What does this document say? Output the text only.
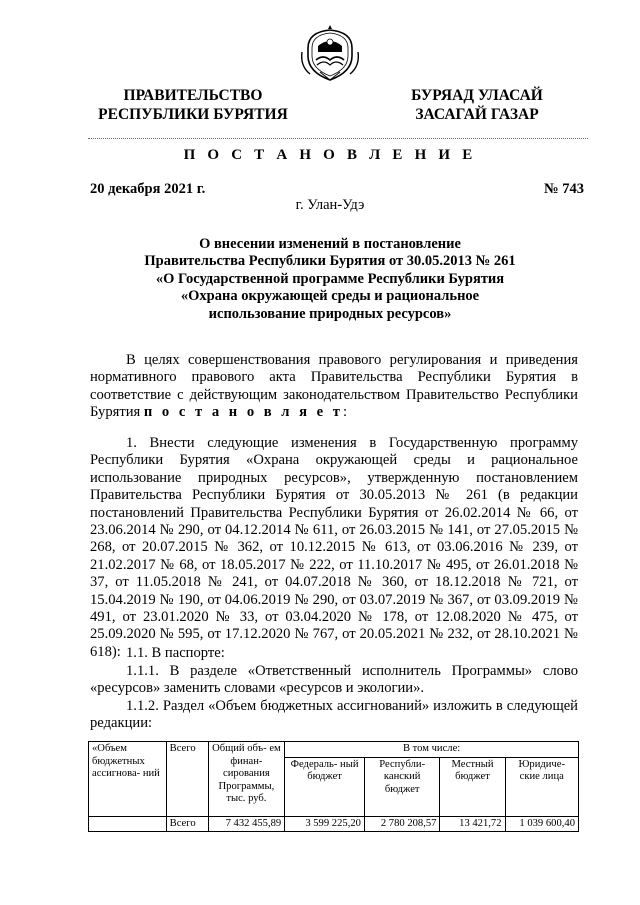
ПРАВИТЕЛЬСТВО
РЕСПУБЛИКИ БУРЯТИЯ
БУРЯАД УЛАСАЙ
ЗАСАГАЙ ГАЗАР
П О С Т А Н О В Л Е Н И Е
20 декабря 2021 г.	№ 743
г. Улан-Удэ
О внесении изменений в постановление
Правительства Республики Бурятия от 30.05.2013 № 261
«О Государственной программе Республики Бурятия
«Охрана окружающей среды и рациональное
использование природных ресурсов»

В целях совершенствования правового регулирования и приведения нормативного правового акта Правительства Республики Бурятия в соответствие с действующим законодательством Правительство Республики Бурятия п о с т а н о в л я е т:

1. Внести следующие изменения в Государственную программу Республики Бурятия «Охрана окружающей среды и рациональное использование природных ресурсов», утвержденную постановлением Правительства Республики Бурятия от 30.05.2013 № 261 (в редакции постановлений Правительства Республики Бурятия от 26.02.2014 № 66, от 23.06.2014 № 290, от 04.12.2014 № 611, от 26.03.2015 № 141, от 27.05.2015 № 268, от 20.07.2015 № 362, от 10.12.2015 № 613, от 03.06.2016 № 239, от 21.02.2017 № 68, от 18.05.2017 № 222, от 11.10.2017 № 495, от 26.01.2018 № 37, от 11.05.2018 № 241, от 04.07.2018 № 360, от 18.12.2018 № 721, от 15.04.2019 № 190, от 04.06.2019 № 290, от 03.07.2019 № 367, от 03.09.2019 № 491, от 23.01.2020 № 33, от 03.04.2020 № 178, от 12.08.2020 № 475, от 25.09.2020 № 595, от 17.12.2020 № 767, от 20.05.2021 № 232, от 28.10.2021 № 618): 1.1. В паспорте:

1.1.1. В разделе «Ответственный исполнитель Программы» слово «ресурсов» заменить словами «ресурсов и экологии».

1.1.2. Раздел «Объем бюджетных ассигнований» изложить в следующей редакции:

«Объем бюджетных ассигнова- ний	Всего	Общий объ- ем финан- сирования Программы, тыс. руб.	В том числе:			
			Федераль- ный бюджет	Республи- канский бюджет	Местный бюджет	Юридиче- ские лица
	Всего	7 432 455,89	3 599 225,20	2 780 208,57	13 421,72	1 039 600,40
